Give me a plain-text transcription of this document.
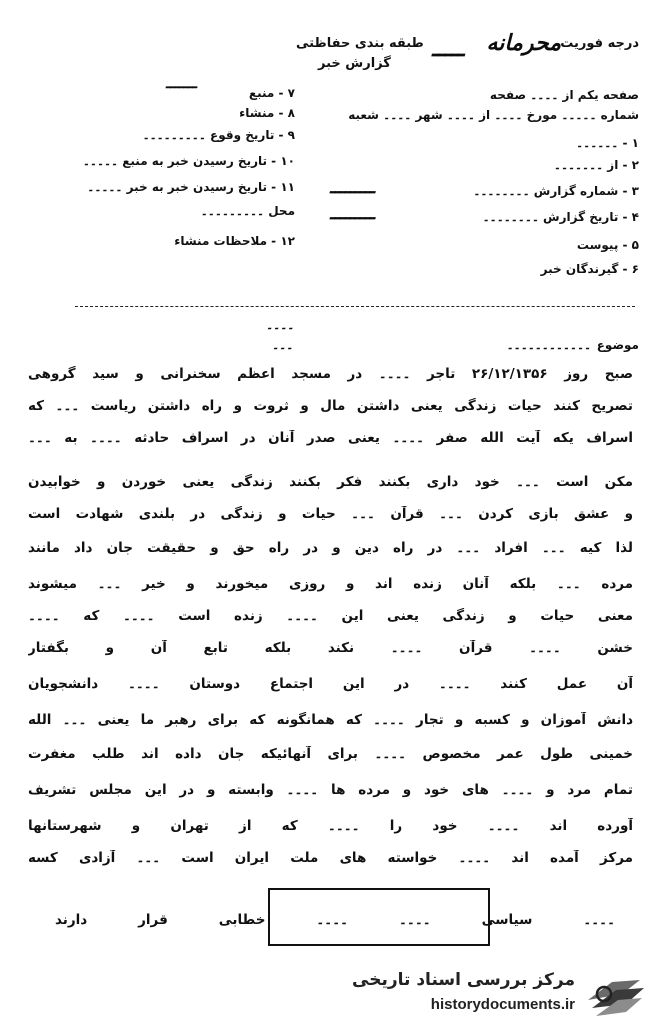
درجه فوریت
محرمانه
ـــــ
طبقه بندی حفاظتی
گزارش خبر
صفحه یکم از ۔۔۔۔ صفحه
شماره ۔۔۔۔۔ مورخ ۔۔۔۔ از ۔۔۔۔ شهر ۔۔۔۔ شعبه
۱ - ۔۔۔۔۔۔
۲ - از ۔۔۔۔۔۔۔
۳ - شماره گزارش ۔۔۔۔۔۔۔۔
۴ - تاریخ گزارش ۔۔۔۔۔۔۔۔
۵ - پیوست
۶ - گیرندگان خبر
۷ - منبع
ـــــــ
۸ - منشاء
۹ - تاریخ وقوع ۔۔۔۔۔۔۔۔۔
۱۰ - تاریخ رسیدن خبر به منبع ۔۔۔۔۔
۱۱ - تاریخ رسیدن خبر به خبر ۔۔۔۔۔
محل ۔۔۔۔۔۔۔۔۔
۱۲ - ملاحظات منشاء
ـــــــــ
ـــــــــ
۔۔۔۔
۔۔۔	موضوع
۔۔۔۔۔۔۔۔۔۔۔۔
صبح روز ۲۶/۱۲/۱۳۵۶ تاجر ۔۔۔۔ در مسجد اعظم سخنرانی و سید گروهی
تصریح کنند حیات زندگی یعنی داشتن مال و ثروت و راه داشتن ریاست ۔۔۔ که
اسراف یکه آیت الله صفر ۔۔۔۔ یعنی صدر آنان در اسراف حادثه ۔۔۔۔ به ۔۔۔
مکن است ۔۔۔ خود داری بکنند فکر بکنند زندگی یعنی خوردن و خوابیدن
و عشق بازی کردن ۔۔۔ قرآن ۔۔۔ حیات و زندگی در بلندی شهادت است
لذا کیه ۔۔۔ افراد ۔۔۔ در راه دین و در راه حق و حقیقت جان داد مانند
مرده ۔۔۔ بلکه آنان زنده اند و روزی میخورند و خیر ۔۔۔ میشوند
معنی حیات و زندگی یعنی این ۔۔۔۔ زنده است ۔۔۔۔ که ۔۔۔۔
خشن ۔۔۔۔ قرآن ۔۔۔۔ نکند بلکه تابع آن و بگفتار
آن عمل کنند ۔۔۔۔ در این اجتماع دوستان ۔۔۔۔ دانشجویان
دانش آموزان و کسبه و تجار ۔۔۔۔ که همانگونه که برای رهبر ما یعنی ۔۔۔ الله
خمینی طول عمر مخصوص ۔۔۔۔ برای آنهائیکه جان داده اند طلب مغفرت
تمام مرد و ۔۔۔۔ های خود و مرده ها ۔۔۔۔ وابسته و در این مجلس تشریف
آورده اند ۔۔۔۔ خود را ۔۔۔۔ که از تهران و شهرستانها
مرکز آمده اند ۔۔۔۔ خواسته های ملت ایران است ۔۔۔ آزادی کسه
۔۔۔۔ سیاسی ۔۔۔۔ ۔۔۔۔ خطابی قرار دارند
مرکز بررسی اسناد تاریخی
historydocuments.ir
